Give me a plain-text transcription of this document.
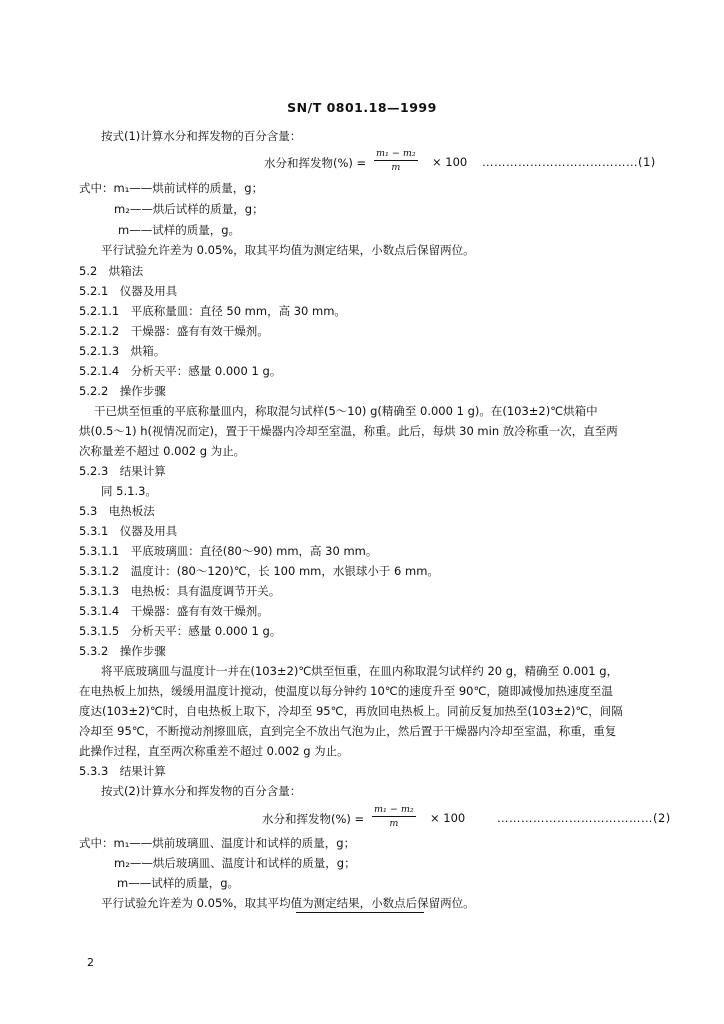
SN/T 0801.18—1999
按式(1)计算水分和挥发物的百分含量：
水分和挥发物(%) = $\frac{\text{m₁ − m₂}}{m} \times 100$ …………………………………(1)
式中：m₁——烘前试样的质量，g；
m₂——烘后试样的质量，g；
m——试样的质量，g。
平行试验允许差为 0.05%，取其平均值为测定结果，小数点后保留两位。
5.2　烘箱法
5.2.1　仪器及用具
5.2.1.1　平底称量皿：直径 50 mm，高 30 mm。
5.2.1.2　干燥器：盛有有效干燥剂。
5.2.1.3　烘箱。
5.2.1.4　分析天平：感量 0.000 1 g。
5.2.2　操作步骤
干已烘至恒重的平底称量皿内，称取混匀试样(5～10) g(精确至 0.000 1 g)。在(103±2)℃烘箱中
烘(0.5～1) h(视情况而定)，置于干燥器内冷却至室温，称重。此后，每烘 30 min 放冷称重一次，直至两
次称量差不超过 0.002 g 为止。
5.2.3　结果计算
同 5.1.3。
5.3　电热板法
5.3.1　仪器及用具
5.3.1.1　平底玻璃皿：直径(80～90) mm，高 30 mm。
5.3.1.2　温度计：(80～120)℃，长 100 mm，水银球小于 6 mm。
5.3.1.3　电热板：具有温度调节开关。
5.3.1.4　干燥器：盛有有效干燥剂。
5.3.1.5　分析天平：感量 0.000 1 g。
5.3.2　操作步骤
将平底玻璃皿与温度计一并在(103±2)℃烘至恒重，在皿内称取混匀试样约 20 g，精确至 0.001 g，
在电热板上加热，缓缓用温度计搅动，使温度以每分钟约 10℃的速度升至 90℃，随即减慢加热速度至温
度达(103±2)℃时，自电热板上取下，冷却至 95℃，再放回电热板上。同前反复加热至(103±2)℃，间隔
冷却至 95℃，不断搅动剂擦皿底，直到完全不放出气泡为止，然后置于干燥器内冷却至室温，称重，重复
此操作过程，直至两次称重差不超过 0.002 g 为止。
5.3.3　结果计算
按式(2)计算水分和挥发物的百分含量：
水分和挥发物(%) = $\frac{\text{m₁ − m₂}}{m} \times 100$	…………………………………(2)
式中：m₁——烘前玻璃皿、温度计和试样的质量，g；
m₂——烘后玻璃皿、温度计和试样的质量，g；
m——试样的质量，g。
平行试验允许差为 0.05%，取其平均值为测定结果，小数点后保留两位。
2
